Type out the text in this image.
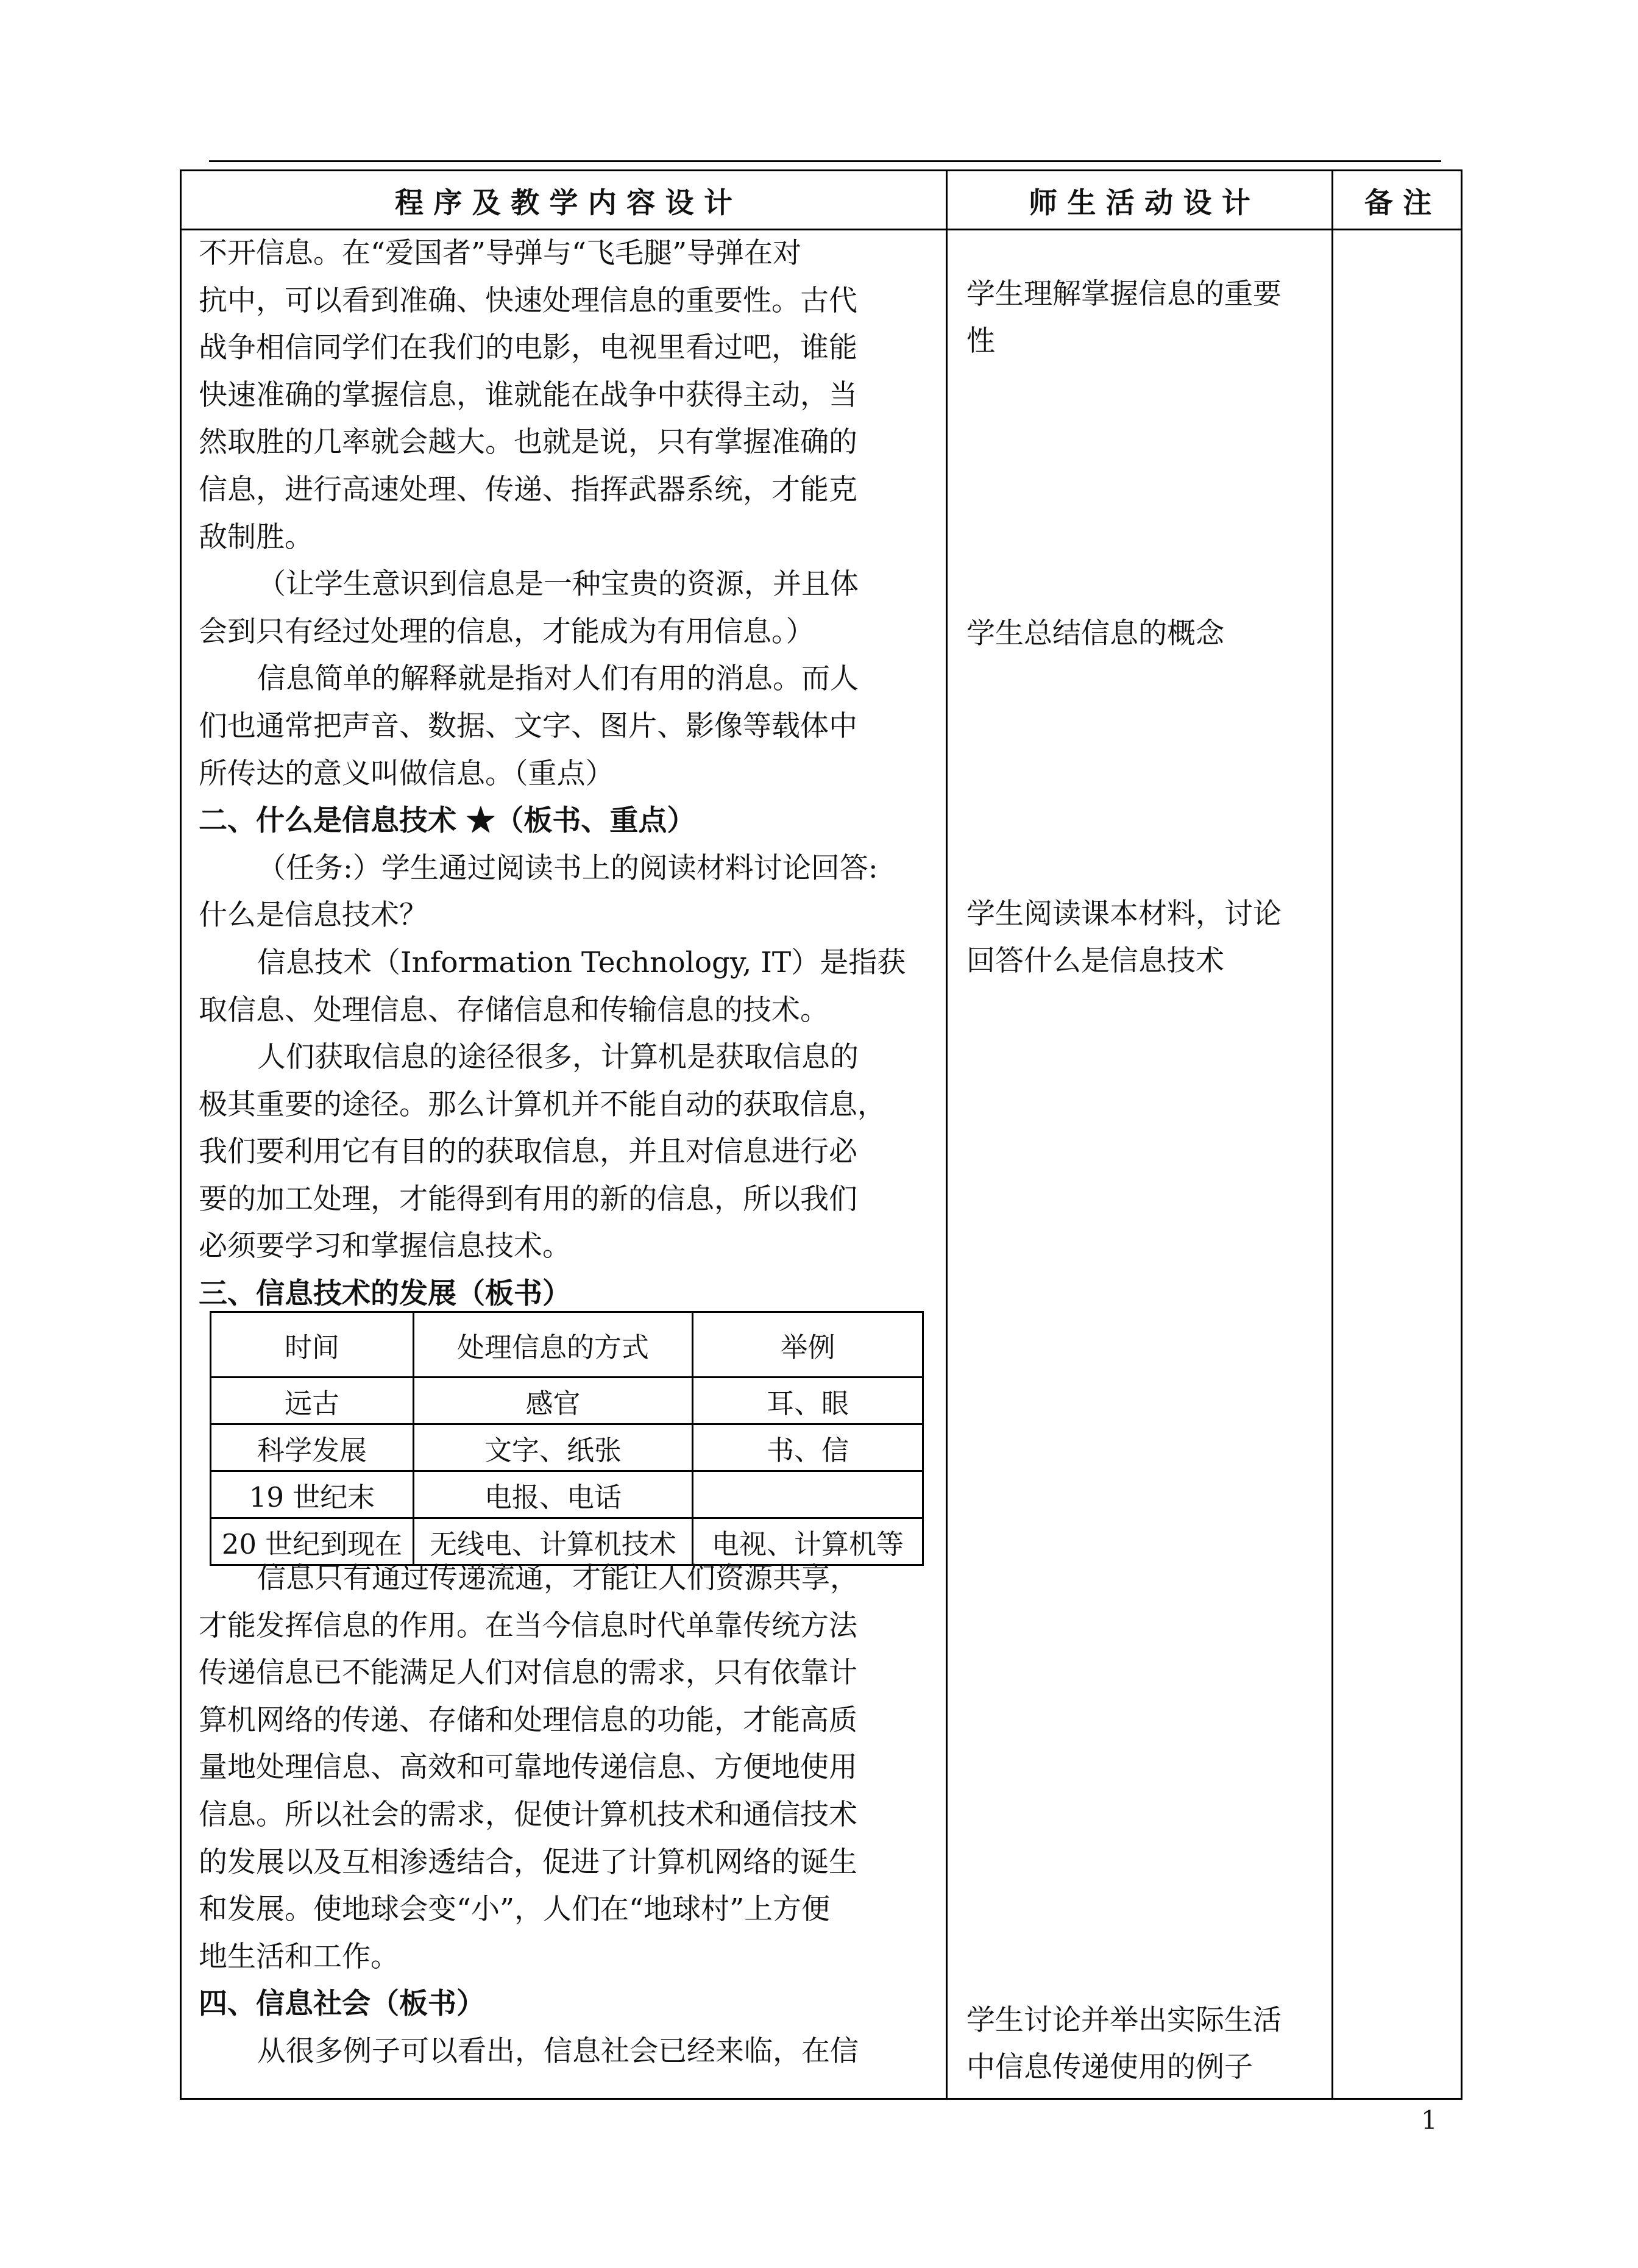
程 序 及 教 学 内 容 设 计	师 生 活 动 设 计	备 注
不开信息。在“爱国者”导弹与“飞毛腿”导弹在对
抗中，可以看到准确、快速处理信息的重要性。古代
战争相信同学们在我们的电影，电视里看过吧，谁能
快速准确的掌握信息，谁就能在战争中获得主动，当
然取胜的几率就会越大。也就是说，只有掌握准确的
信息，进行高速处理、传递、指挥武器系统，才能克
敌制胜。
（让学生意识到信息是一种宝贵的资源，并且体
会到只有经过处理的信息，才能成为有用信息。）
信息简单的解释就是指对人们有用的消息。而人
们也通常把声音、数据、文字、图片、影像等载体中
所传达的意义叫做信息。（重点）
二、什么是信息技术 ★（板书、重点）
（任务:）学生通过阅读书上的阅读材料讨论回答:
什么是信息技术？
信息技术（Information Technology, IT）是指获
取信息、处理信息、存储信息和传输信息的技术。
人们获取信息的途径很多，计算机是获取信息的
极其重要的途径。那么计算机并不能自动的获取信息，
我们要利用它有目的的获取信息，并且对信息进行必
要的加工处理，才能得到有用的新的信息，所以我们
必须要学习和掌握信息技术。
三、信息技术的发展（板书）
时间	处理信息的方式	举例
远古	感官	耳、眼
科学发展	文字、纸张	书、信
19 世纪末	电报、电话	
20 世纪到现在	无线电、计算机技术	电视、计算机等
信息只有通过传递流通，才能让人们资源共享，
才能发挥信息的作用。在当今信息时代单靠传统方法
传递信息已不能满足人们对信息的需求，只有依靠计
算机网络的传递、存储和处理信息的功能，才能高质
量地处理信息、高效和可靠地传递信息、方便地使用
信息。所以社会的需求，促使计算机技术和通信技术
的发展以及互相渗透结合，促进了计算机网络的诞生
和发展。使地球会变“小”，人们在“地球村”上方便
地生活和工作。
四、信息社会（板书）
从很多例子可以看出，信息社会已经来临，在信
学生理解掌握信息的重要
性
学生总结信息的概念
学生阅读课本材料，讨论
回答什么是信息技术
学生讨论并举出实际生活
中信息传递使用的例子
1
